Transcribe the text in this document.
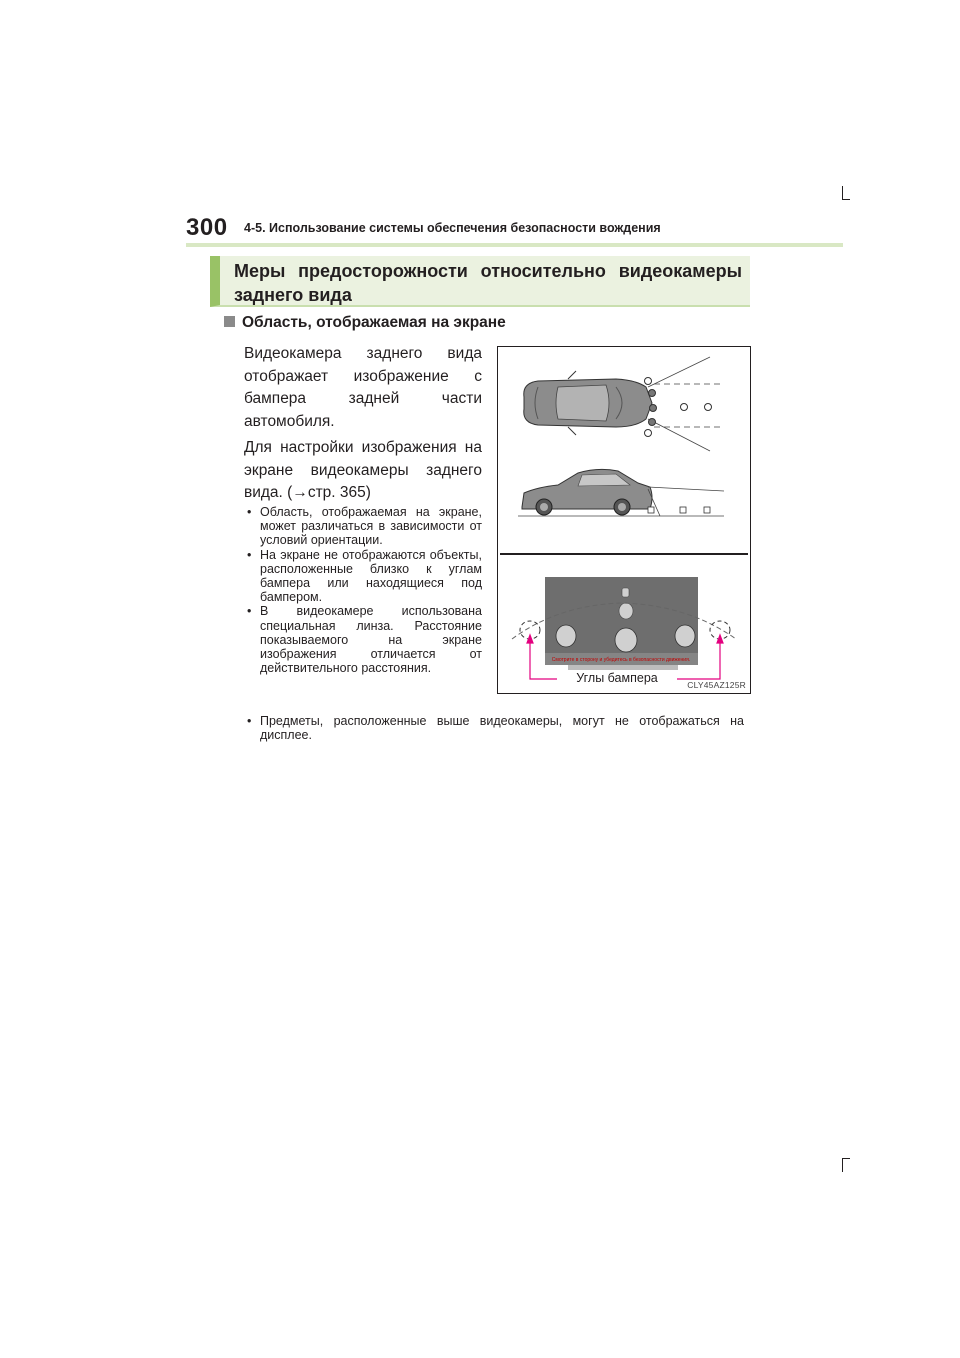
300 4-5. Использование системы обеспечения безопасности вождения
Меры предосторожности относительно видеокамеры заднего вида
Область, отображаемая на экране
Видеокамера заднего вида отображает изображение с бампера задней части автомобиля.
Для настройки изображения на экране видеокамеры заднего вида. (→стр. 365)
• Область, отображаемая на экране, может различаться в зависимости от условий ориентации.
• На экране не отображаются объекты, расположенные близко к углам бампера или находящиеся под бампером.
• В видеокамере использована специальная линза. Расстояние показываемого на экране изображения отличается от действительного расстояния.
• Предметы, расположенные выше видеокамеры, могут не отображаться на дисплее.
Смотрите в сторону и убедитесь в безопасности движения.
Углы бампера	CLY45AZ125R
